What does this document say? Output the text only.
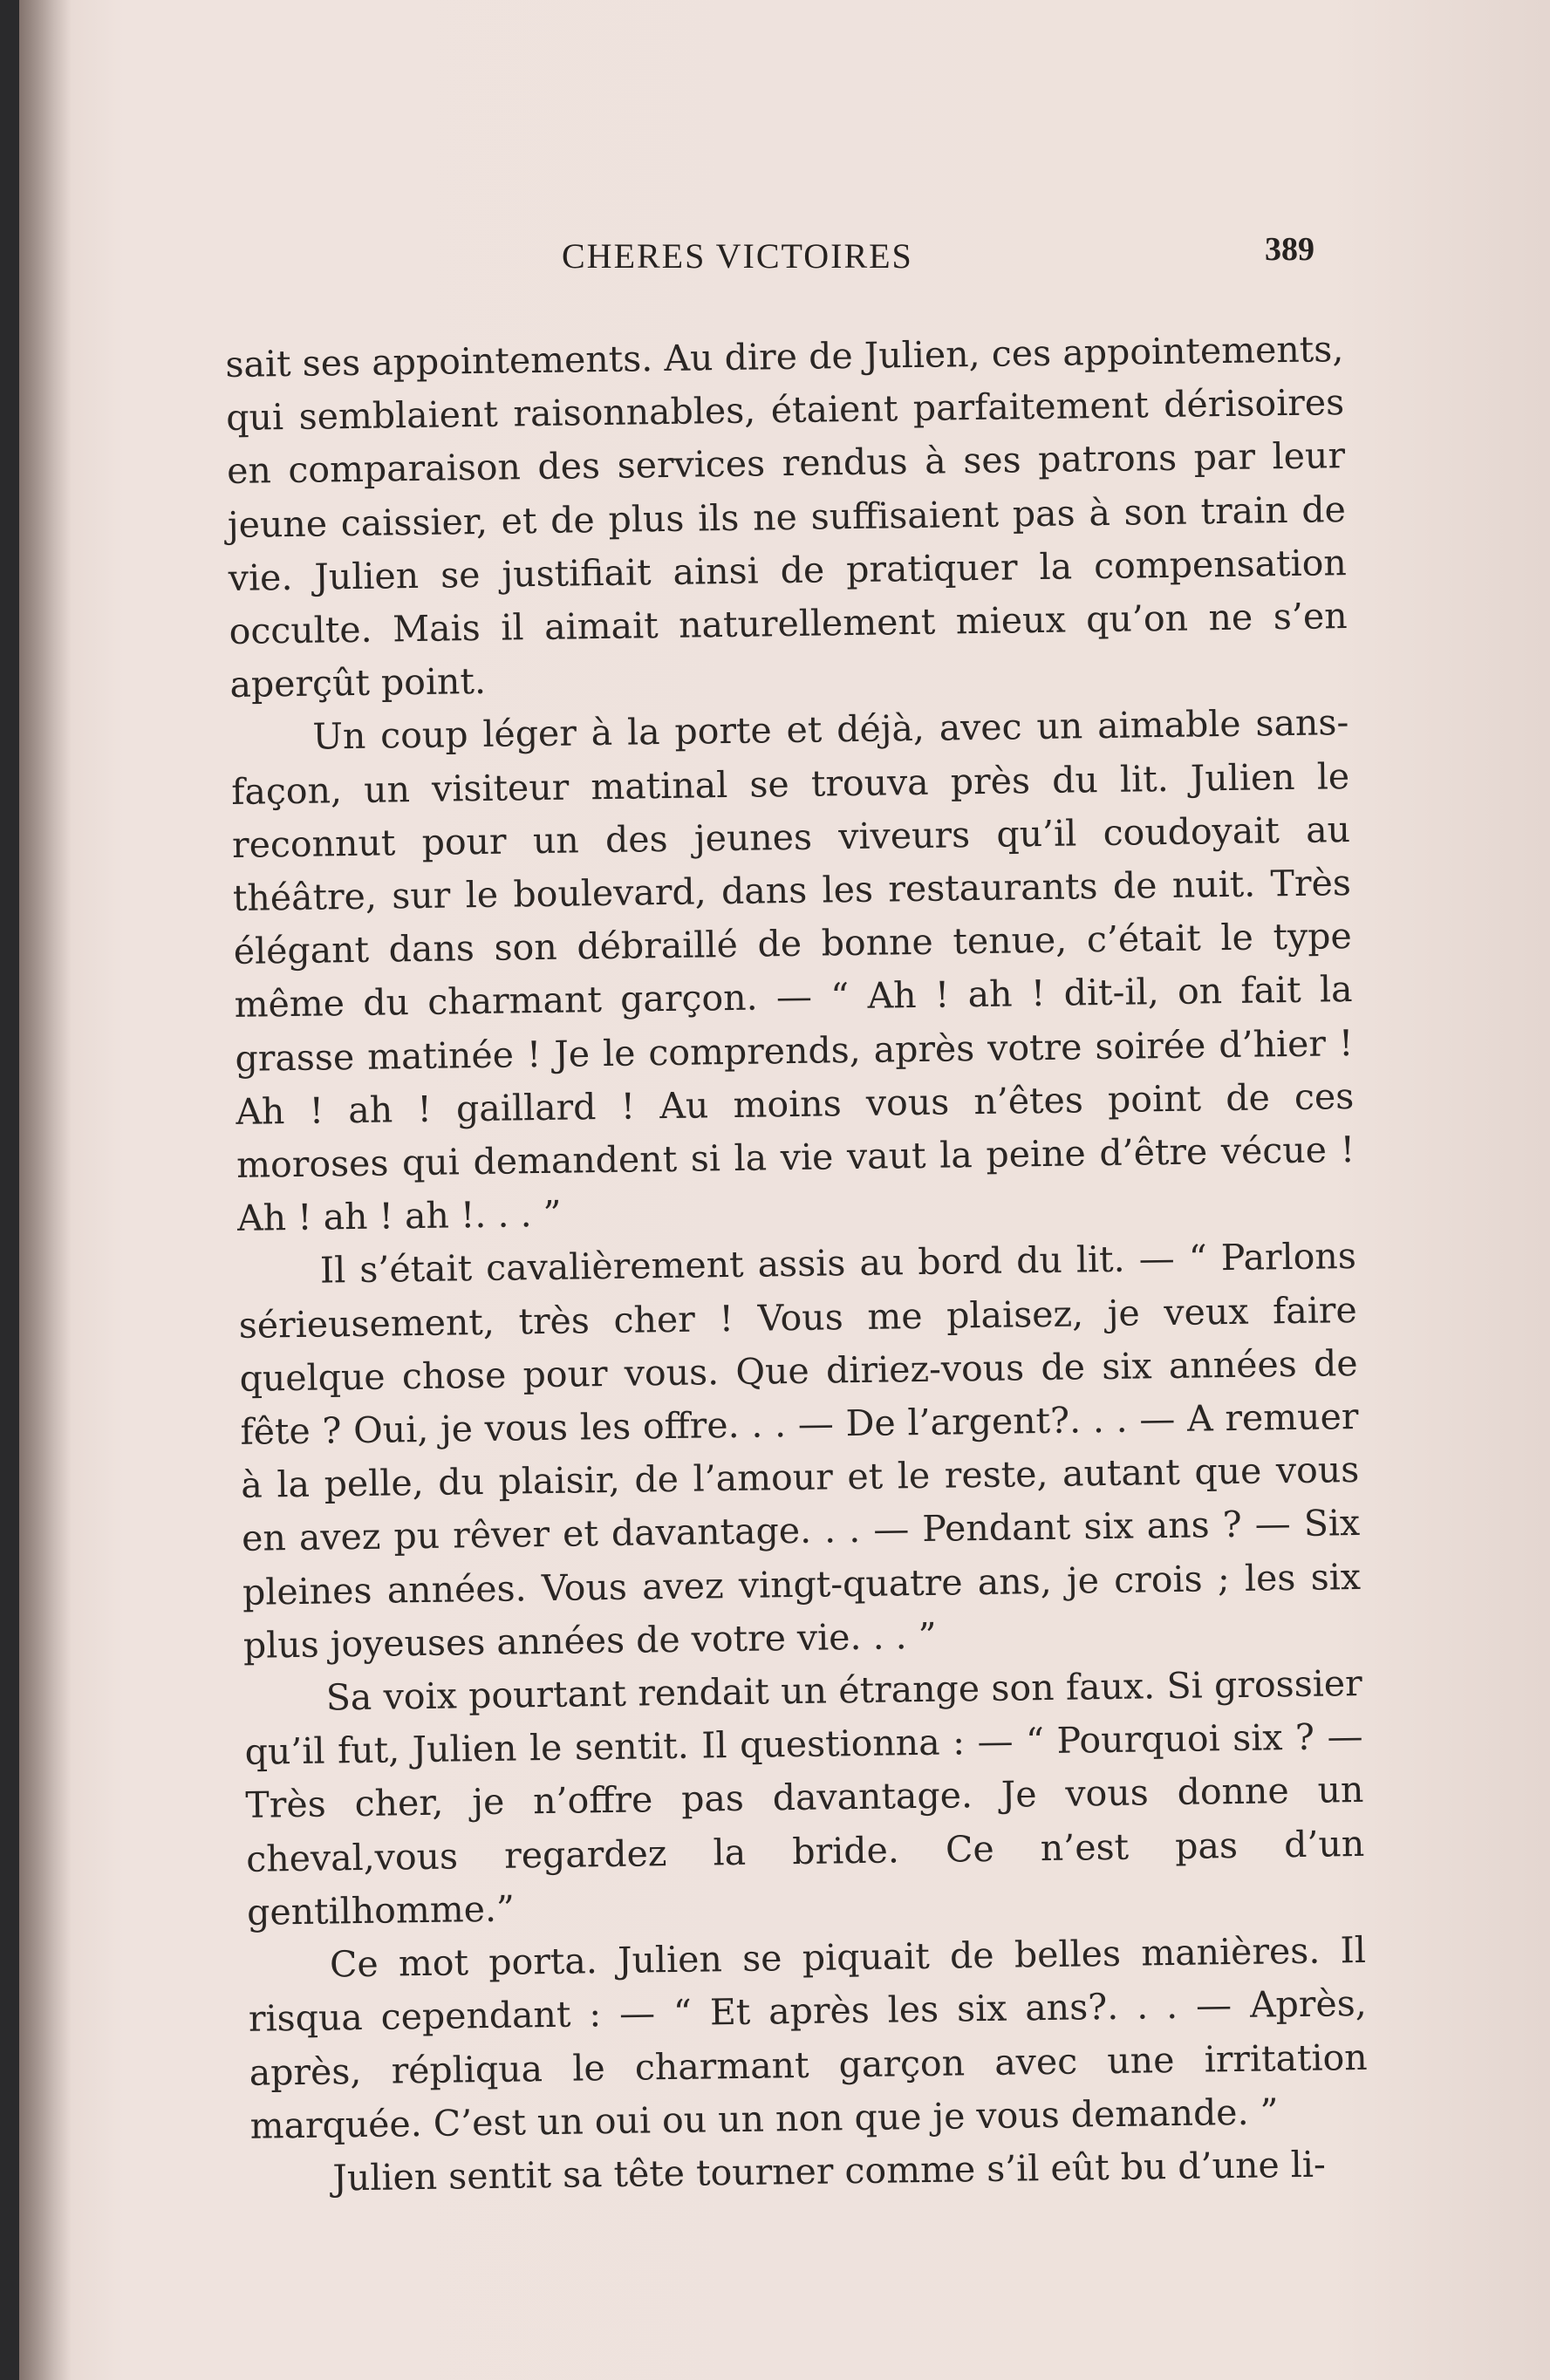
CHERES VICTOIRES	389

sait ses appointements. Au dire de Julien, ces appointements, qui semblaient raisonnables, étaient parfaitement dérisoires en comparaison des services rendus à ses patrons par leur jeune caissier, et de plus ils ne suffisaient pas à son train de vie. Julien se justifiait ainsi de pratiquer la compensation occulte. Mais il aimait naturellement mieux qu’on ne s’en aperçût point.

Un coup léger à la porte et déjà, avec un aimable sans-façon, un visiteur matinal se trouva près du lit. Julien le reconnut pour un des jeunes viveurs qu’il coudoyait au théâtre, sur le boulevard, dans les restaurants de nuit. Très élégant dans son débraillé de bonne tenue, c’était le type même du charmant garçon. — “ Ah ! ah ! dit-il, on fait la grasse matinée ! Je le comprends, après votre soirée d’hier ! Ah ! ah ! gaillard ! Au moins vous n’êtes point de ces moroses qui demandent si la vie vaut la peine d’être vécue ! Ah ! ah ! ah !. . . ”

Il s’était cavalièrement assis au bord du lit. — “ Parlons sérieusement, très cher ! Vous me plaisez, je veux faire quelque chose pour vous. Que diriez-vous de six années de fête ? Oui, je vous les offre. . . — De l’argent?. . . — A remuer à la pelle, du plaisir, de l’amour et le reste, autant que vous en avez pu rêver et davantage. . . — Pendant six ans ? — Six pleines années. Vous avez vingt-quatre ans, je crois ; les six plus joyeuses années de votre vie. . . ”

Sa voix pourtant rendait un étrange son faux. Si grossier qu’il fut, Julien le sentit. Il questionna : — “ Pourquoi six ? — Très cher, je n’offre pas davantage. Je vous donne un cheval,vous regardez la bride. Ce n’est pas d’un gentilhomme.”

Ce mot porta. Julien se piquait de belles manières. Il risqua cependant : — “ Et après les six ans?. . . — Après, après, répliqua le charmant garçon avec une irritation marquée. C’est un oui ou un non que je vous demande. ”

Julien sentit sa tête tourner comme s’il eût bu d’une li-
